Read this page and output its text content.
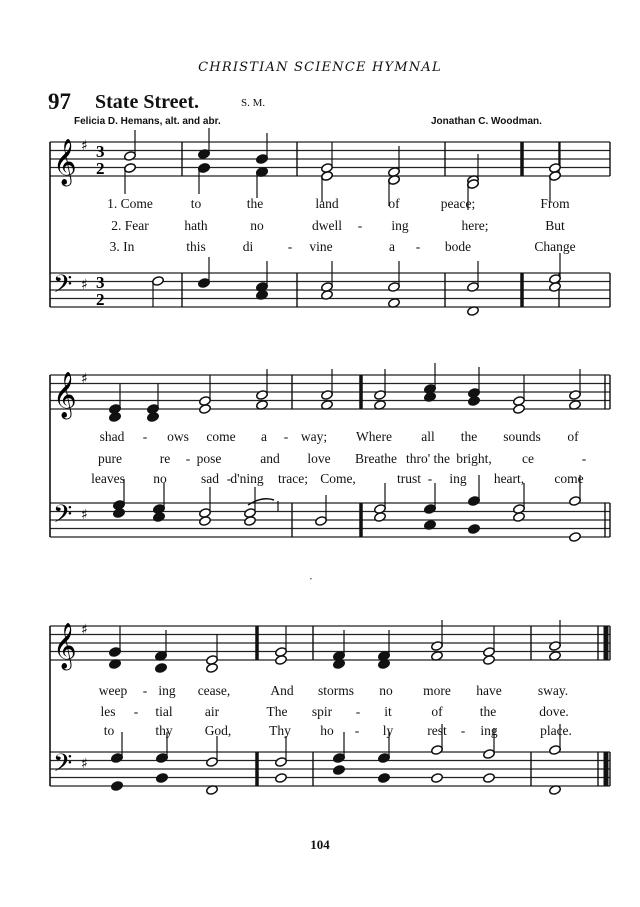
CHRISTIAN SCIENCE HYMNAL
97 State Street.	S. M.
Felicia D. Hemans, alt. and abr.	Jonathan C. Woodman.
𝄞
𝄢
♯
♯
3
2
3
2
𝄞
𝄢
♯
♯
𝄞
𝄢
♯
♯
1. Come	to	the	land	of	peace;	From
2. Fear	hath	no	dwell - ing	here;	But
3. In	this	di	- vine	a - bode	Change
shad - ows come a - way; Where all the sounds of
pure	re - pose	and love Breathe thro' the bright, ce	-
leaves no	sad - d'ning trace; Come,	trust - ing heart, come
weep - ing cease,	And storms no more have	sway.
les - tial air	The spir - it	of	the	dove.
to	thy God,	Thy ho - ly	rest - ing	place.
·
104
